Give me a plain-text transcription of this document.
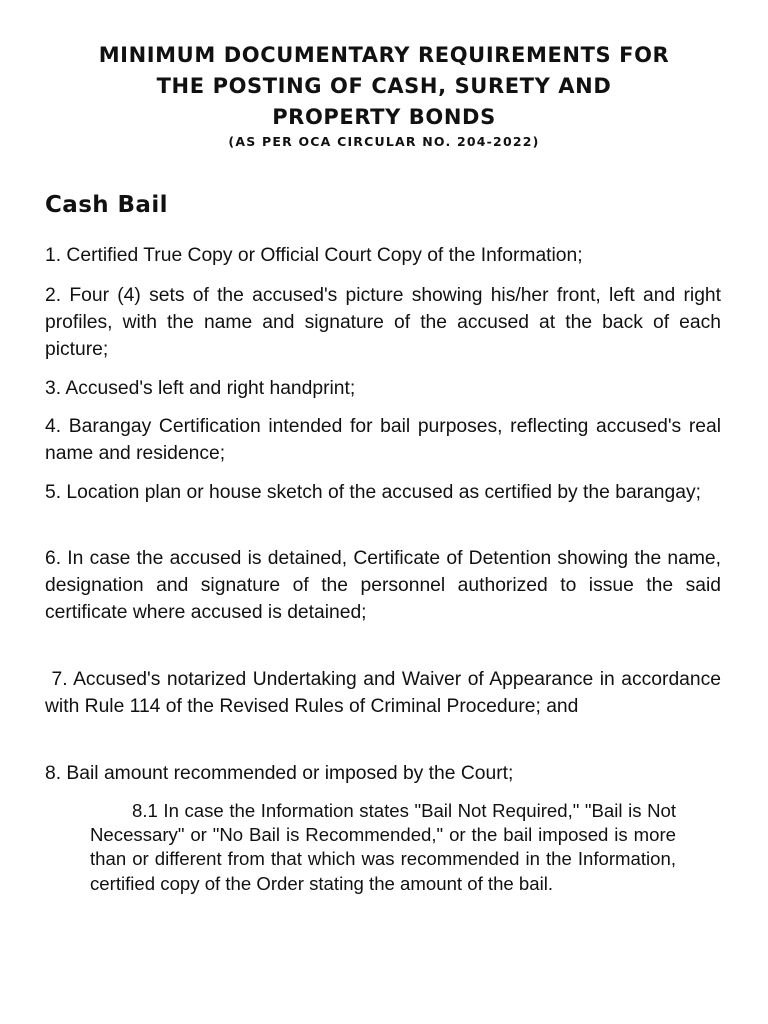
MINIMUM DOCUMENTARY REQUIREMENTS FOR
THE POSTING OF CASH, SURETY AND
PROPERTY BONDS
(AS PER OCA CIRCULAR NO. 204-2022)
Cash Bail
1. Certified True Copy or Official Court Copy of the Information;
2. Four (4) sets of the accused's picture showing his/her front, left and right profiles, with the name and signature of the accused at the back of each picture;
3. Accused's left and right handprint;
4. Barangay Certification intended for bail purposes, reflecting accused's real name and residence;
5. Location plan or house sketch of the accused as certified by the barangay;
6. In case the accused is detained, Certificate of Detention showing the name, designation and signature of the personnel authorized to issue the said certificate where accused is detained;
7. Accused's notarized Undertaking and Waiver of Appearance in accordance with Rule 114 of the Revised Rules of Criminal Procedure; and
8. Bail amount recommended or imposed by the Court;
8.1 In case the Information states "Bail Not Required," "Bail is Not Necessary" or "No Bail is Recommended," or the bail imposed is more than or different from that which was recommended in the Information, certified copy of the Order stating the amount of the bail.
